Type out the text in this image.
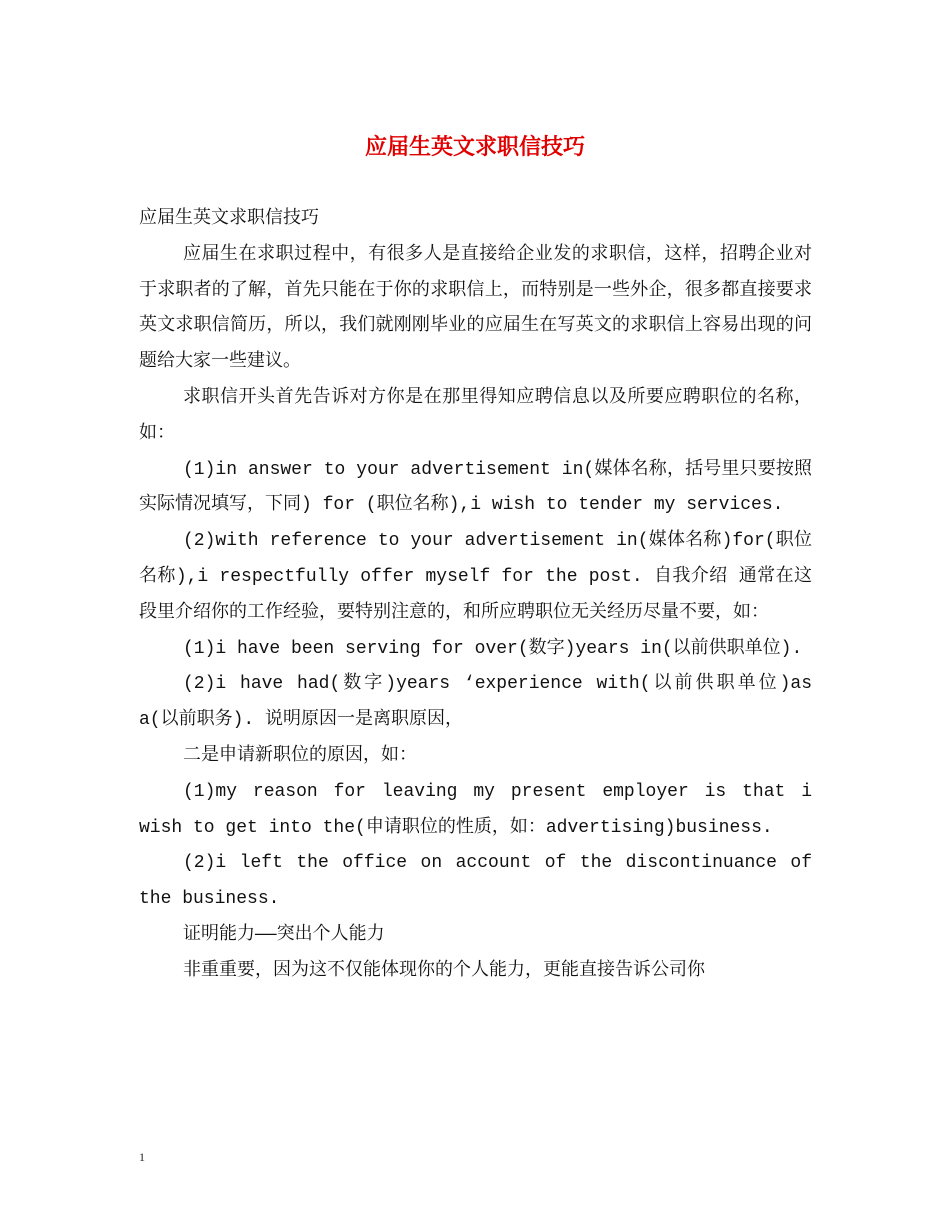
应届生英文求职信技巧

应届生英文求职信技巧

应届生在求职过程中，有很多人是直接给企业发的求职信，这样，招聘企业对于求职者的了解，首先只能在于你的求职信上，而特别是一些外企，很多都直接要求英文求职信简历，所以，我们就刚刚毕业的应届生在写英文的求职信上容易出现的问题给大家一些建议。

求职信开头首先告诉对方你是在那里得知应聘信息以及所要应聘职位的名称，如：

(1)in answer to your advertisement in(媒体名称，括号里只要按照实际情况填写，下同) for (职位名称),i wish to tender my services.

(2)with reference to your advertisement in(媒体名称)for(职位名称),i respectfully offer myself for the post. 自我介绍 通常在这段里介绍你的工作经验，要特别注意的，和所应聘职位无关经历尽量不要，如：

(1)i have been serving for over(数字)years in(以前供职单位).

(2)i have had(数字)years ‘experience with(以前供职单位)as a(以前职务). 说明原因一是离职原因，

二是申请新职位的原因，如：

(1)my reason for leaving my present employer is that i wish to get into the(申请职位的性质，如：advertising)business.

(2)i left the office on account of the discontinuance of the business.

证明能力——突出个人能力

非重重要，因为这不仅能体现你的个人能力，更能直接告诉公司你

1
